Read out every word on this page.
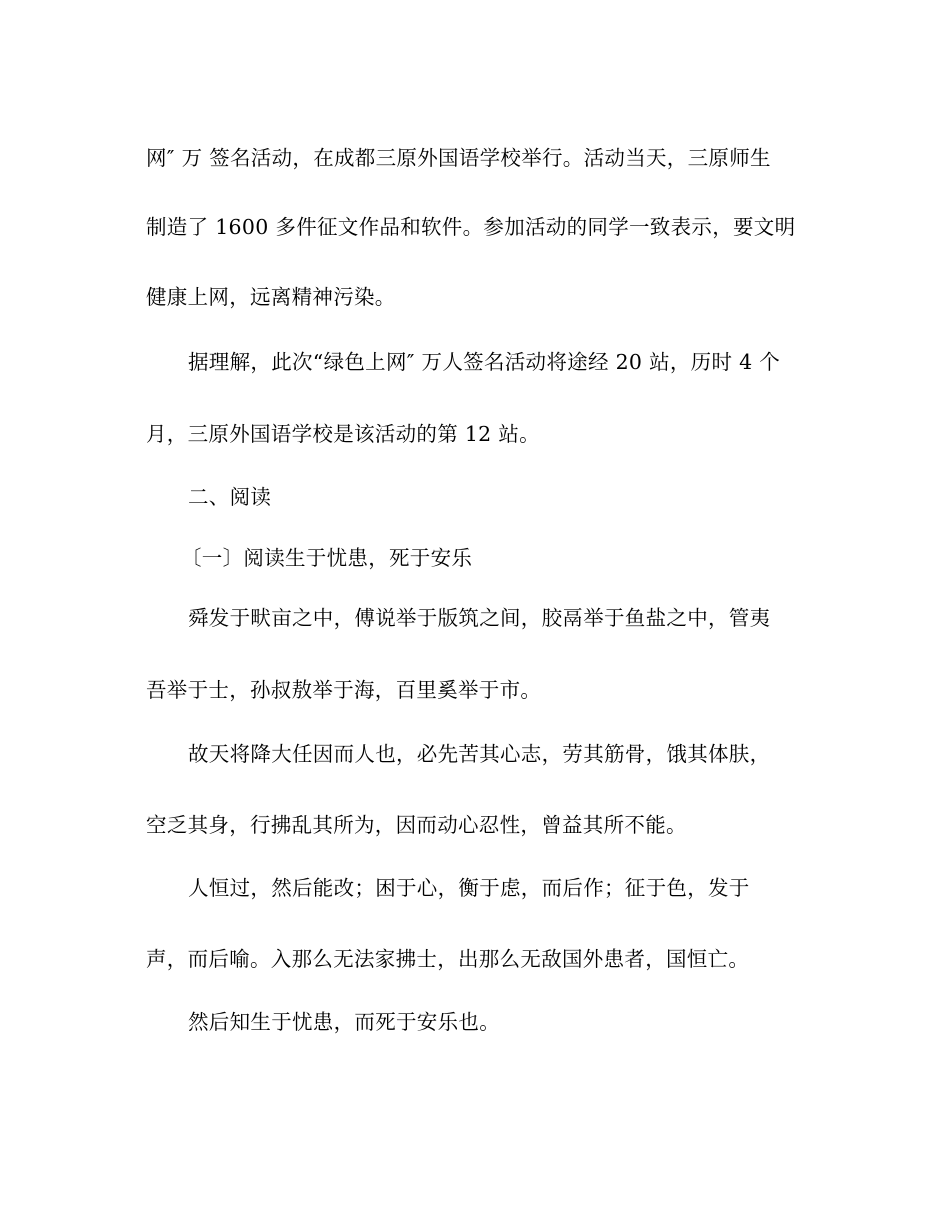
网″ 万 签名活动，在成都三原外国语学校举行。活动当天，三原师生
制造了 1600 多件征文作品和软件。参加活动的同学一致表示，要文明
健康上网，远离精神污染。
据理解，此次“绿色上网″ 万人签名活动将途经 20 站，历时 4 个
月，三原外国语学校是该活动的第 12 站。
二、阅读
〔一〕阅读生于忧患，死于安乐
舜发于畎亩之中，傅说举于版筑之间，胶鬲举于鱼盐之中，管夷
吾举于士，孙叔敖举于海，百里奚举于市。
故天将降大任因而人也，必先苦其心志，劳其筋骨，饿其体肤，
空乏其身，行拂乱其所为，因而动心忍性，曾益其所不能。
人恒过，然后能改；困于心，衡于虑，而后作；征于色，发于
声，而后喻。入那么无法家拂士，出那么无敌国外患者，国恒亡。
然后知生于忧患，而死于安乐也。
